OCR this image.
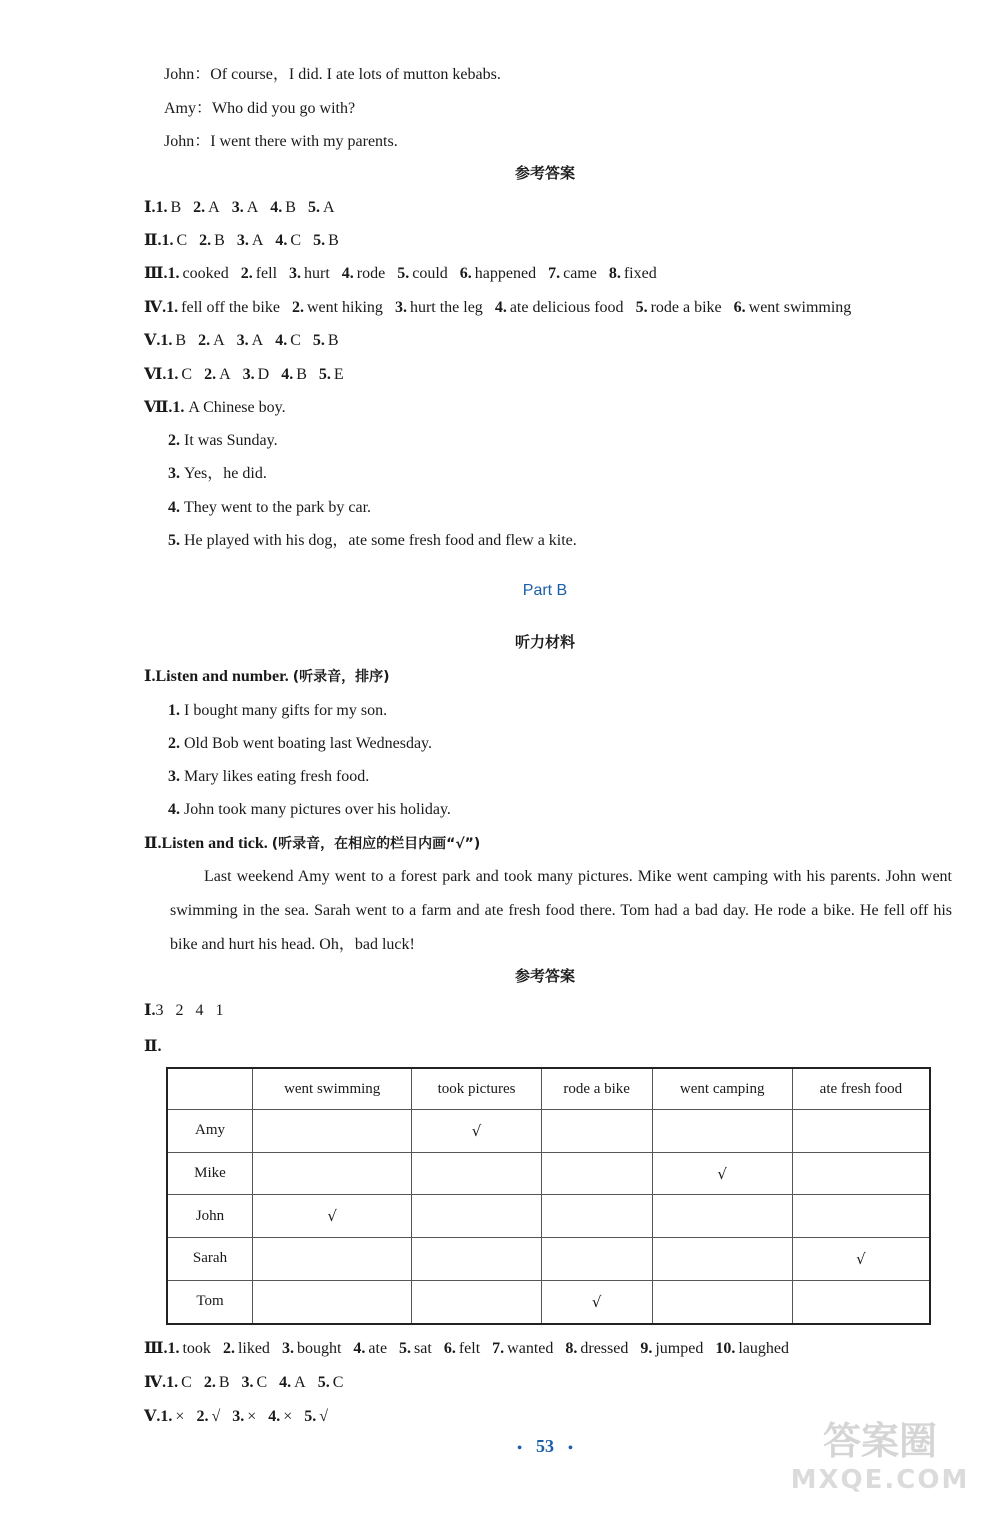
John：Of course，I did. I ate lots of mutton kebabs.
Amy：Who did you go with?
John：I went there with my parents.
参考答案
Ⅰ.1. B 2. A 3. A 4. B 5. A
Ⅱ.1. C 2. B 3. A 4. C 5. B
Ⅲ.1. cooked 2. fell 3. hurt 4. rode 5. could 6. happened 7. came 8. fixed
Ⅳ.1. fell off the bike 2. went hiking 3. hurt the leg 4. ate delicious food 5. rode a bike 6. went swimming
Ⅴ.1. B 2. A 3. A 4. C 5. B
Ⅵ.1. C 2. A 3. D 4. B 5. E
Ⅶ.1. A Chinese boy.
2. It was Sunday.
3. Yes，he did.
4. They went to the park by car.
5. He played with his dog，ate some fresh food and flew a kite.
Part B
听力材料
Ⅰ.Listen and number. (听录音，排序)
1. I bought many gifts for my son.
2. Old Bob went boating last Wednesday.
3. Mary likes eating fresh food.
4. John took many pictures over his holiday.
Ⅱ.Listen and tick. (听录音，在相应的栏目内画“√”)
Last weekend Amy went to a forest park and took many pictures. Mike went camping with his parents. John went swimming in the sea. Sarah went to a farm and ate fresh food there. Tom had a bad day. He rode a bike. He fell off his bike and hurt his head. Oh，bad luck!
参考答案
Ⅰ.3   2   4   1
Ⅱ.
	went swimming	took pictures	rode a bike	went camping	ate fresh food
Amy		√			
Mike				√	
John	√				
Sarah					√
Tom			√		
Ⅲ.1. took 2. liked 3. bought 4. ate 5. sat 6. felt 7. wanted 8. dressed 9. jumped 10. laughed
Ⅳ.1. C 2. B 3. C 4. A 5. C
Ⅴ.1. × 2. √ 3. × 4. × 5. √
• 53 •	答案圈
MXQE.COM
